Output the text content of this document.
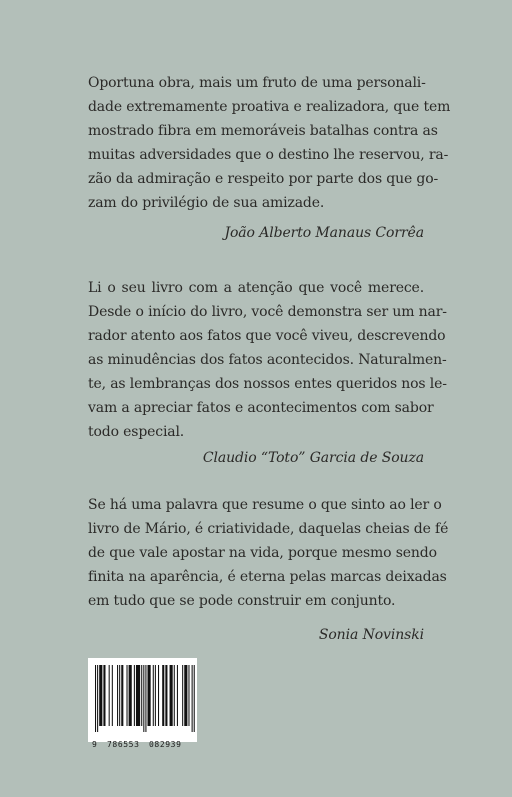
Oportuna obra, mais um fruto de uma personali-
dade extremamente proativa e realizadora, que tem
mostrado fibra em memoráveis batalhas contra as
muitas adversidades que o destino lhe reservou, ra-
zão da admiração e respeito por parte dos que go-
zam do privilégio de sua amizade.

João Alberto Manaus Corrêa

Li o seu livro com a atenção que você merece.
Desde o início do livro, você demonstra ser um nar-
rador atento aos fatos que você viveu, descrevendo
as minudências dos fatos acontecidos. Naturalmen-
te, as lembranças dos nossos entes queridos nos le-
vam a apreciar fatos e acontecimentos com sabor
todo especial.

Claudio “Toto” Garcia de Souza

Se há uma palavra que resume o que sinto ao ler o
livro de Mário, é criatividade, daquelas cheias de fé
de que vale apostar na vida, porque mesmo sendo
finita na aparência, é eterna pelas marcas deixadas
em tudo que se pode construir em conjunto.

Sonia Novinski

9 786553 082939
